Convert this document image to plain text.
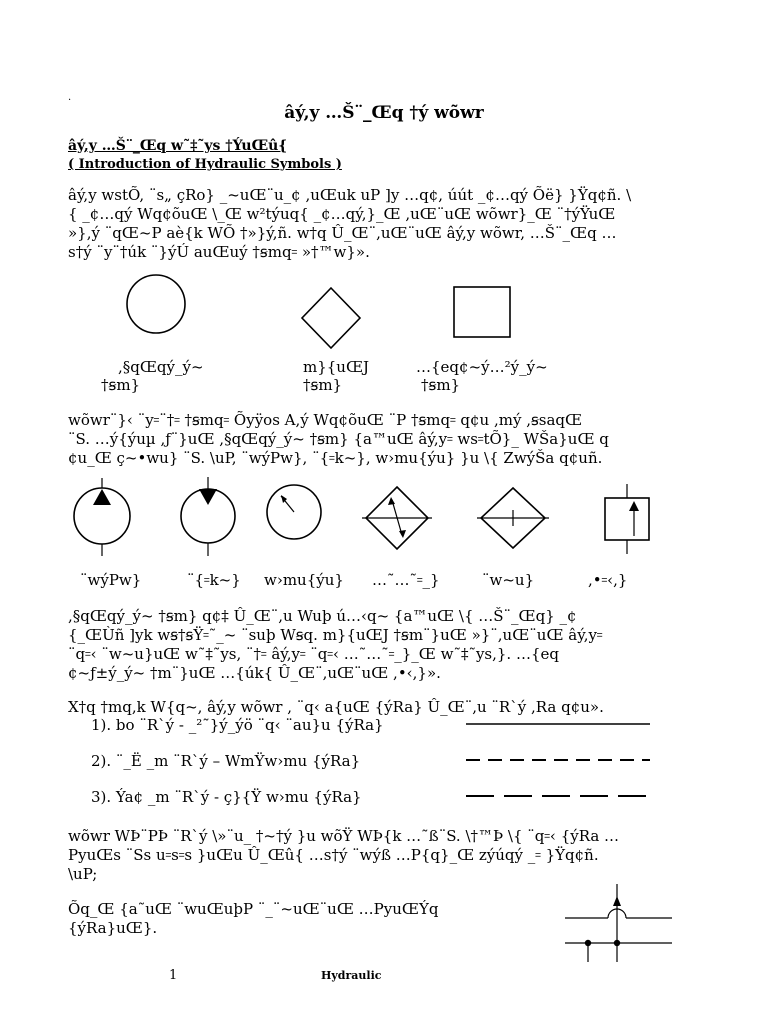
.
âý,y …Š¨_Œq †ý wõwr
âý,y …Š¨_Œq w˜‡˜ys †ÝuŒû{
( Introduction of Hydraulic Symbols )
âý,y wstÕ, ¨s„ çRo} _~uŒ¨u_¢ ,uŒuk uP ]y …q¢, úút _¢…qý Õë} }Ÿq¢ñ. \
{ _¢…qý Wq¢õuŒ \_Œ w²týuq{ _¢…qý,}_Œ ,uŒ¨uŒ wõwr}_Œ ¨†ýŸuŒ
»},ý ¨qŒ~P aè{k WÕ †»}ý,ñ. w†q Û_Œ¨,uŒ¨uŒ âý,y wõwr, …Š¨_Œq …
s†ý ¨y¨†úk ¨}ýÚ auŒuý †ꞩmq꞊ »†™w}».
,§qŒqý_ý~
†ꞩm}
m}{uŒJ
†ꞩm}
…{eq¢~ý…²ý_ý~
†ꞩm}
wõwr¨}‹ ¨y꞊¨†꞊ †ꞩmq꞊ Õyÿos A,ý Wq¢õuŒ ¨P †ꞩmq꞊ q¢u ,mý ,ꞩsaqŒ
¨S. …ý{ýuµ ,ƒ¨}uŒ ,§qŒqý_ý~ †ꞩm} {a™uŒ âý,y꞊ ws꞊tÕ}_ WŠa}uŒ q
¢u_Œ ç~•wu} ¨S. \uP, ¨wýPw}, ¨{꞊k~}, w›mu{ýu} }u \{ ZwýŠa q¢uñ.
¨wýPw}	¨{꞊k~} w›mu{ýu} …˜…˜꞊_}	¨w~u}	,•꞊‹,}
,§qŒqý_ý~ †ꞩm} q¢‡ Û_Œ¨,u Wuþ ú…‹q~ {a™uŒ \{ …Š¨_Œq} _¢
{_ŒÙñ ]yk wꞩ†ꞩŸ꞊˜_~ ¨suþ Wꞩq. m}{uŒJ †ꞩm¨}uŒ »}¨,uŒ¨uŒ âý,y꞊
¨q꞊‹ ¨w~u}uŒ w˜‡˜ys, ¨†꞊ âý,y꞊ ¨q꞊‹ …˜…˜꞊_}_Œ w˜‡˜ys,}. …{eq
¢~ƒ±ý_ý~ †m¨}uŒ …{úk{ Û_Œ¨,uŒ¨uŒ ,•‹,}».
X†q †mq,k W{q~, âý,y wõwr , ¨q‹ a{uŒ {ýRa} Û_Œ¨,u ¨R`ý ,Ra q¢u».
1). bo ¨R`ý - _²˜}ý_ýö ¨q‹ ¨au}u {ýRa}
2). ¨_Ë _m ¨R`ý – WmŸw›mu {ýRa}
3). Ýa¢ _m ¨R`ý - ç}{Ÿ w›mu {ýRa}
wõwr WÞ¨PÞ ¨R`ý \»¨u_ †~†ý }u wõŸ WÞ{k …˜ß¨S. \†™Þ \{ ¨q꞊‹ {ýRa …
PyuŒs ¨Ss u꞊s꞊s }uŒu Û_Œû{ …s†ý ¨wýß …P{q}_Œ zýúqý _꞊ }Ÿq¢ñ.
\uP;
Õq_Œ {a˜uŒ ¨wuŒuþP ¨_¨~uŒ¨uŒ …PyuŒÝq
{ýRa}uŒ}.
1	Hydraulic
